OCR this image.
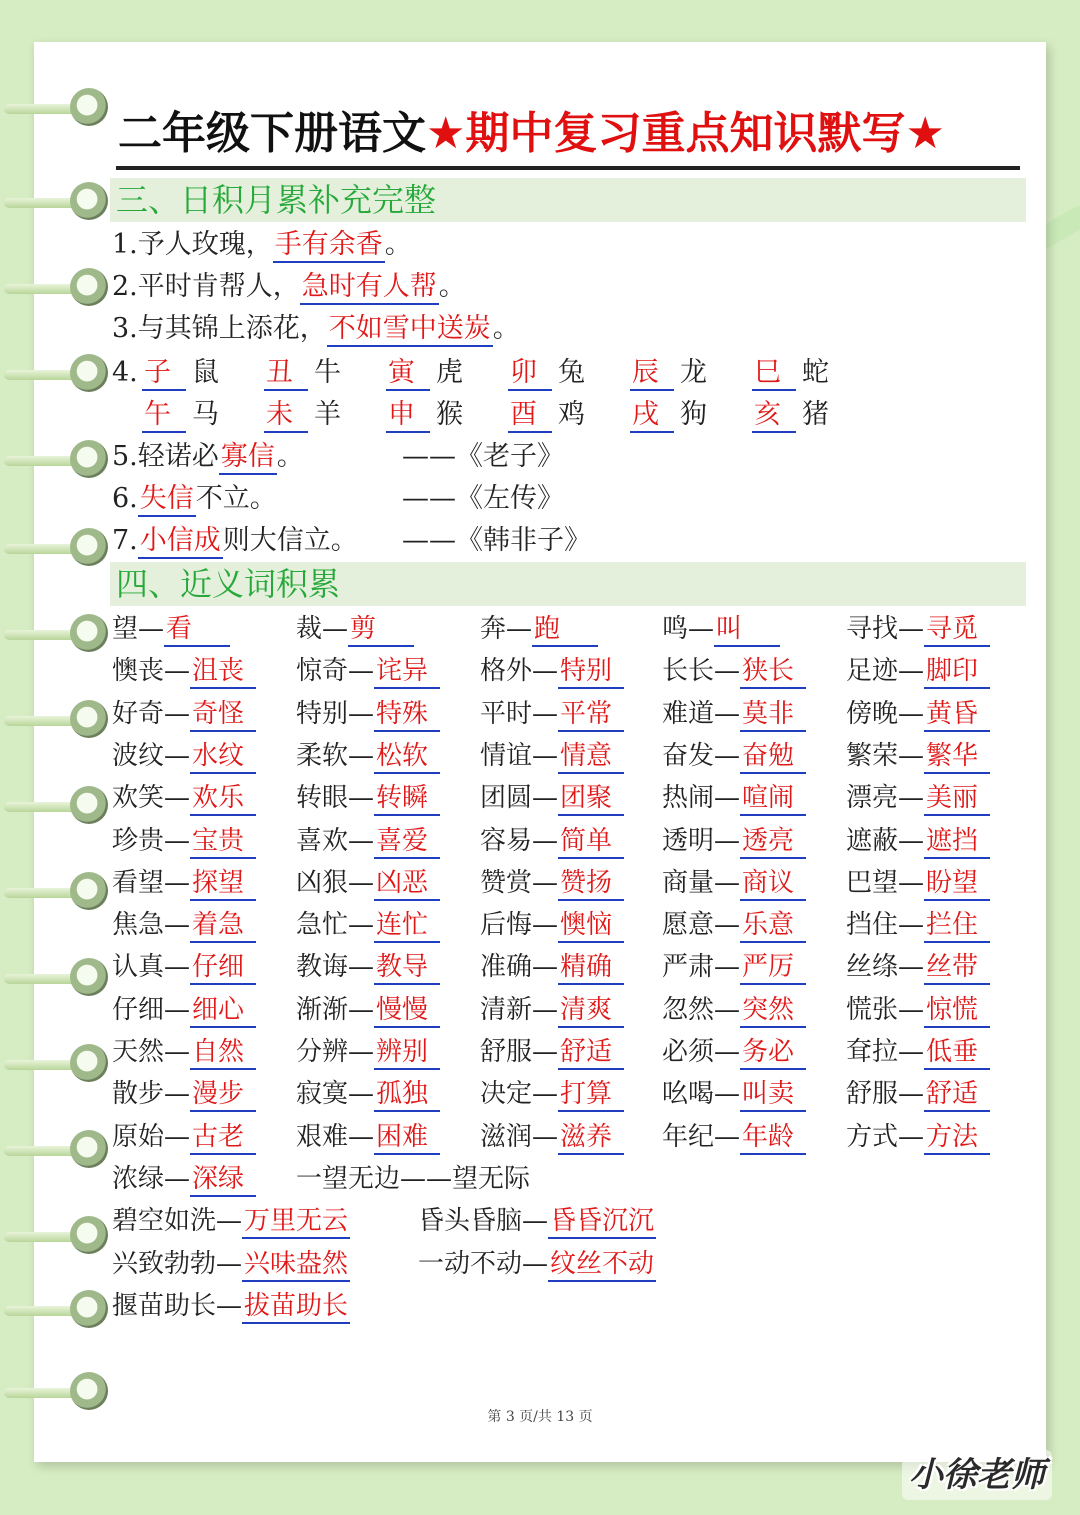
二年级下册语文★期中复习重点知识默写★
三、日积月累补充完整
1.予人玫瑰，手有余香。
2.平时肯帮人，急时有人帮。
3.与其锦上添花，不如雪中送炭。
4. 子 鼠 丑 牛 寅 虎 卯 兔 辰 龙 巳 蛇
午 马 未 羊 申 猴 酉 鸡 戌 狗 亥 猪
5.轻诺必寡信。	——《老子》
6.失信不立。	——《左传》
7.小信成则大信立。 ——《韩非子》
四、近义词积累
望—看	裁—剪	奔—跑	鸣—叫	寻找—寻觅
懊丧—沮丧	惊奇—诧异	格外—特别	长长—狭长	足迹—脚印
好奇—奇怪	特别—特殊	平时—平常	难道—莫非	傍晚—黄昏
波纹—水纹	柔软—松软	情谊—情意	奋发—奋勉	繁荣—繁华
欢笑—欢乐	转眼—转瞬	团圆—团聚	热闹—喧闹	漂亮—美丽
珍贵—宝贵	喜欢—喜爱	容易—简单	透明—透亮	遮蔽—遮挡
看望—探望	凶狠—凶恶	赞赏—赞扬	商量—商议	巴望—盼望
焦急—着急	急忙—连忙	后悔—懊恼	愿意—乐意	挡住—拦住
认真—仔细	教诲—教导	准确—精确	严肃—严厉	丝绦—丝带
仔细—细心	渐渐—慢慢	清新—清爽	忽然—突然	慌张—惊慌
天然—自然	分辨—辨别	舒服—舒适	必须—务必	耷拉—低垂
散步—漫步	寂寞—孤独	决定—打算	吆喝—叫卖	舒服—舒适
原始—古老	艰难—困难	滋润—滋养	年纪—年龄	方式—方法
浓绿—深绿	一望无边——望无际
碧空如洗—万里无云	昏头昏脑—昏昏沉沉
兴致勃勃—兴味盎然	一动不动—纹丝不动
揠苗助长—拔苗助长
第 3 页/共 13 页
小徐老师
